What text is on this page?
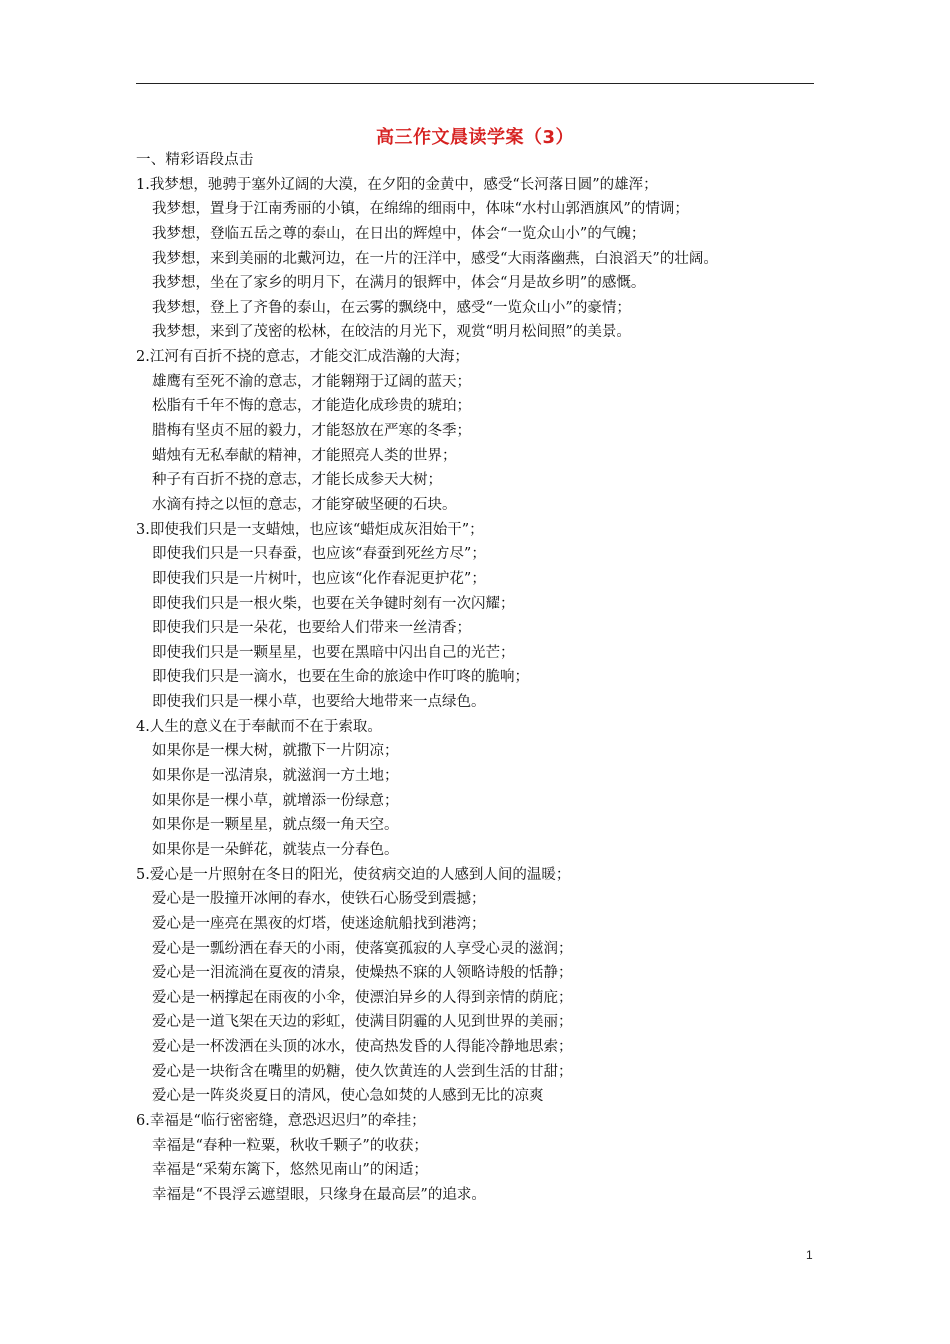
高三作文晨读学案（3）
一、精彩语段点击
1.我梦想，驰骋于塞外辽阔的大漠，在夕阳的金黄中，感受“长河落日圆”的雄浑；
我梦想，置身于江南秀丽的小镇，在绵绵的细雨中，体味“水村山郭酒旗风”的情调；
我梦想，登临五岳之尊的泰山，在日出的辉煌中，体会“一览众山小”的气魄；
我梦想，来到美丽的北戴河边，在一片的汪洋中，感受“大雨落幽燕，白浪滔天”的壮阔。
我梦想，坐在了家乡的明月下，在满月的银辉中，体会“月是故乡明”的感慨。
我梦想，登上了齐鲁的泰山，在云雾的飘绕中，感受“一览众山小”的豪情；
我梦想，来到了茂密的松林，在皎洁的月光下，观赏“明月松间照”的美景。
2.江河有百折不挠的意志，才能交汇成浩瀚的大海；
雄鹰有至死不渝的意志，才能翱翔于辽阔的蓝天；
松脂有千年不悔的意志，才能造化成珍贵的琥珀；
腊梅有坚贞不屈的毅力，才能怒放在严寒的冬季；
蜡烛有无私奉献的精神，才能照亮人类的世界；
种子有百折不挠的意志，才能长成参天大树；
水滴有持之以恒的意志，才能穿破坚硬的石块。
3.即使我们只是一支蜡烛，也应该“蜡炬成灰泪始干”；
即使我们只是一只春蚕，也应该“春蚕到死丝方尽”；
即使我们只是一片树叶，也应该“化作春泥更护花”；
即使我们只是一根火柴，也要在关争键时刻有一次闪耀；
即使我们只是一朵花，也要给人们带来一丝清香；
即使我们只是一颗星星，也要在黑暗中闪出自己的光芒；
即使我们只是一滴水，也要在生命的旅途中作叮咚的脆响；
即使我们只是一棵小草，也要给大地带来一点绿色。
4.人生的意义在于奉献而不在于索取。
如果你是一棵大树，就撒下一片阴凉；
如果你是一泓清泉，就滋润一方土地；
如果你是一棵小草，就增添一份绿意；
如果你是一颗星星，就点缀一角天空。
如果你是一朵鲜花，就装点一分春色。
5.爱心是一片照射在冬日的阳光，使贫病交迫的人感到人间的温暖；
爱心是一股撞开冰闸的春水，使铁石心肠受到震撼；
爱心是一座亮在黑夜的灯塔，使迷途航船找到港湾；
爱心是一瓢纷洒在春天的小雨，使落寞孤寂的人享受心灵的滋润；
爱心是一泪流淌在夏夜的清泉，使燥热不寐的人领略诗般的恬静；
爱心是一柄撑起在雨夜的小伞，使漂泊异乡的人得到亲情的荫庇；
爱心是一道飞架在天边的彩虹，使满目阴霾的人见到世界的美丽；
爱心是一杯泼洒在头顶的冰水，使高热发昏的人得能冷静地思索；
爱心是一块衔含在嘴里的奶糖，使久饮黄连的人尝到生活的甘甜；
爱心是一阵炎炎夏日的清风，使心急如焚的人感到无比的凉爽
6.幸福是“临行密密缝，意恐迟迟归”的牵挂；
幸福是“春种一粒粟，秋收千颗子”的收获；
幸福是“采菊东篱下，悠然见南山”的闲适；
幸福是“不畏浮云遮望眼，只缘身在最高层”的追求。
1
